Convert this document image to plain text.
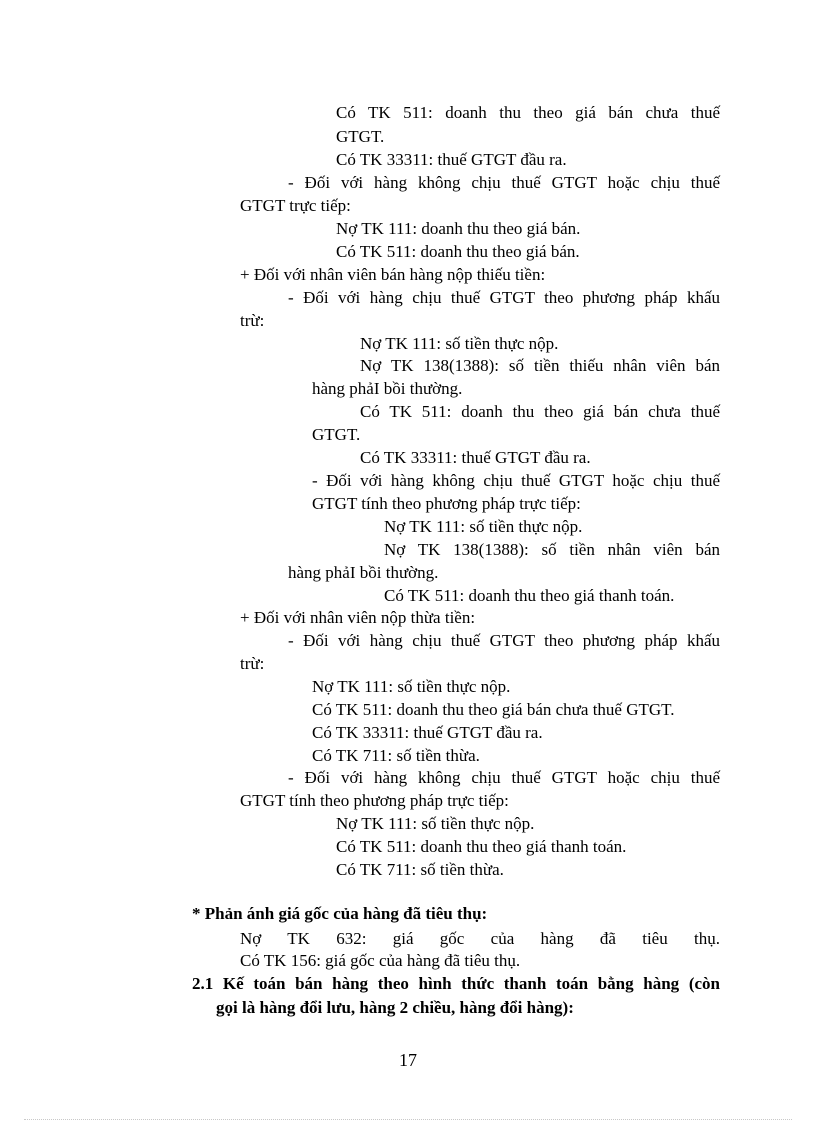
Có TK 511: doanh thu theo giá bán chưa thuế
GTGT.
Có TK 33311: thuế GTGT đầu ra.
- Đối với hàng không chịu thuế GTGT hoặc chịu thuế
GTGT trực tiếp:
Nợ TK 111: doanh thu theo giá bán.
Có TK 511: doanh thu theo giá bán.
+ Đối với nhân viên bán hàng nộp thiếu tiền:
- Đối với hàng chịu thuế GTGT theo phương pháp khấu
trừ:
Nợ TK 111: số tiền thực nộp.
Nợ TK 138(1388): số tiền thiếu nhân viên bán
hàng phảI bồi thường.
Có TK 511: doanh thu theo giá bán chưa thuế
GTGT.
Có TK 33311: thuế GTGT đầu ra.
- Đối với hàng không chịu thuế GTGT hoặc chịu thuế
GTGT tính theo phương pháp trực tiếp:
Nợ TK 111: số tiền thực nộp.
Nợ TK 138(1388): số tiền nhân viên bán
hàng phảI bồi thường.
Có TK 511: doanh thu theo giá thanh toán.
+ Đối với nhân viên nộp thừa tiền:
- Đối với hàng chịu thuế GTGT theo phương pháp khấu
trừ:
Nợ TK 111: số tiền thực nộp.
Có TK 511: doanh thu theo giá bán chưa thuế GTGT.
Có TK 33311: thuế GTGT đầu ra.
Có TK 711: số tiền thừa.
- Đối với hàng không chịu thuế GTGT hoặc chịu thuế
GTGT tính theo phương pháp trực tiếp:
Nợ TK 111: số tiền thực nộp.
Có TK 511: doanh thu theo giá thanh toán.
Có TK 711: số tiền thừa.
* Phản ánh giá gốc của hàng đã tiêu thụ:
Nợ TK 632: giá gốc của hàng đã tiêu thụ.
Có TK 156: giá gốc của hàng đã tiêu thụ.
2.1 Kế toán bán hàng theo hình thức thanh toán bằng hàng (còn
gọi là hàng đổi lưu, hàng 2 chiều, hàng đổi hàng):
17
